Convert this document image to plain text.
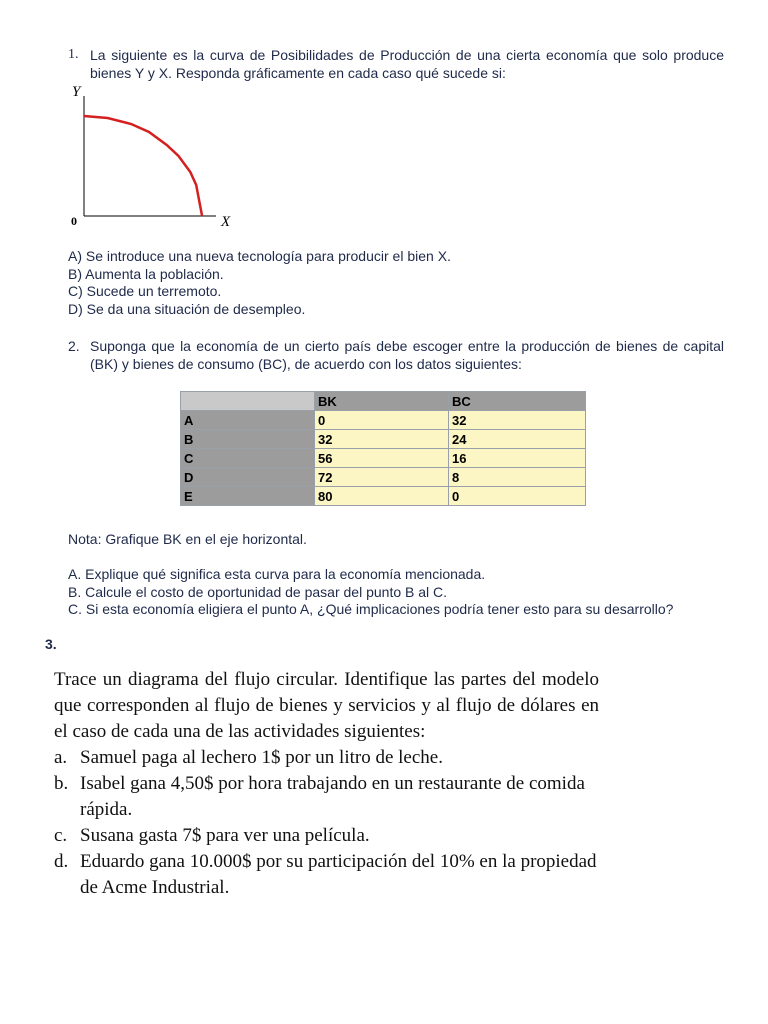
1. La siguiente es la curva de Posibilidades de Producción de una cierta economía que solo produce bienes Y y X. Responda gráficamente en cada caso qué sucede si:
Y
X
0
A) Se introduce una nueva tecnología para producir el bien X.
B) Aumenta la población.
C) Sucede un terremoto.
D) Se da una situación de desempleo.
2. Suponga que la economía de un cierto país debe escoger entre la producción de bienes de capital (BK) y bienes de consumo (BC), de acuerdo con los datos siguientes:
	BK	BC
A	0	32
B	32	24
C	56	16
D	72	8
E	80	0
Nota: Grafique BK en el eje horizontal.
A. Explique qué significa esta curva para la economía mencionada.
B. Calcule el costo de oportunidad de pasar del punto B al C.
C. Si esta economía eligiera el punto A, ¿Qué implicaciones podría tener esto para su desarrollo?
3.
Trace un diagrama del flujo circular. Identifique las partes del modelo que corresponden al flujo de bienes y servicios y al flujo de dólares en el caso de cada una de las actividades siguientes:
a. Samuel paga al lechero 1$ por un litro de leche.
b. Isabel gana 4,50$ por hora trabajando en un restaurante de comida rápida.
c. Susana gasta 7$ para ver una película.
d. Eduardo gana 10.000$ por su participación del 10% en la propiedad de Acme Industrial.
